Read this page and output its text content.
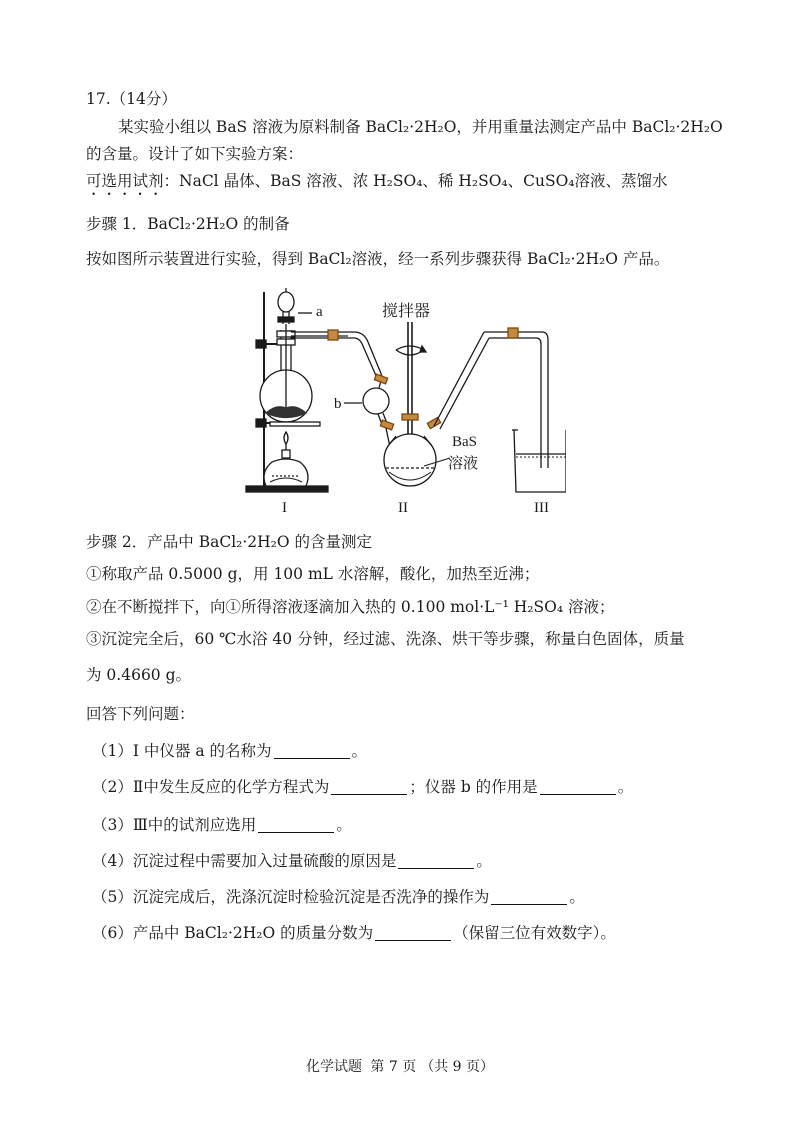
17.（14分）
某实验小组以 BaS 溶液为原料制备 BaCl₂·2H₂O，并用重量法测定产品中 BaCl₂·2H₂O
的含量。设计了如下实验方案：
可选用试剂：NaCl 晶体、BaS 溶液、浓 H₂SO₄、稀 H₂SO₄、CuSO₄溶液、蒸馏水
步骤 1．BaCl₂·2H₂O 的制备
按如图所示装置进行实验，得到 BaCl₂溶液，经一系列步骤获得 BaCl₂·2H₂O 产品。
a
b
搅拌器
BaS
溶液
I	II	III
步骤 2．产品中 BaCl₂·2H₂O 的含量测定
①称取产品 0.5000 g，用 100 mL 水溶解，酸化，加热至近沸；
②在不断搅拌下，向①所得溶液逐滴加入热的 0.100 mol·L⁻¹ H₂SO₄ 溶液；
③沉淀完全后，60 ℃水浴 40 分钟，经过滤、洗涤、烘干等步骤，称量白色固体，质量
为 0.4660 g。
回答下列问题：
（1）I 中仪器 a 的名称为	。
（2）Ⅱ中发生反应的化学方程式为	；仪器 b 的作用是	。
（3）Ⅲ中的试剂应选用	。
（4）沉淀过程中需要加入过量硫酸的原因是	。
（5）沉淀完成后，洗涤沉淀时检验沉淀是否洗净的操作为	。
（6）产品中 BaCl₂·2H₂O 的质量分数为	（保留三位有效数字）。
化学试题 第 7 页 （共 9 页）
